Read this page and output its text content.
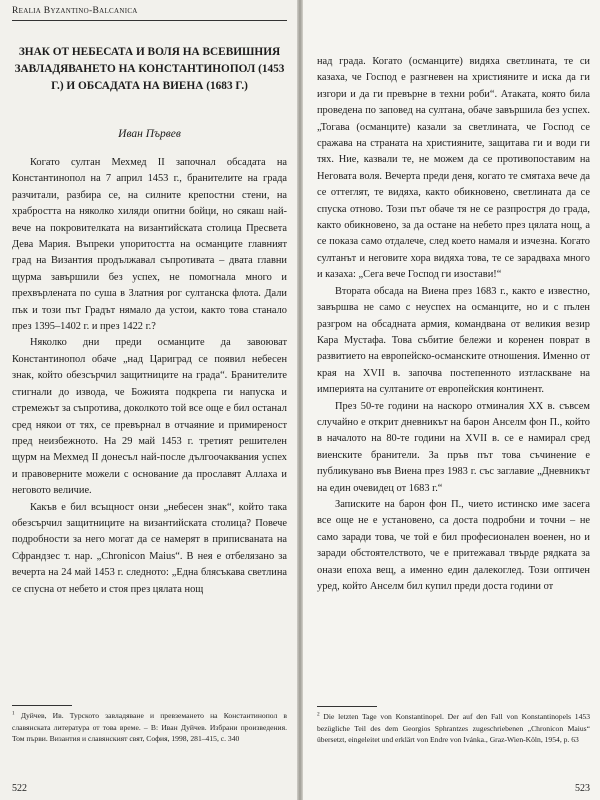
Realia Byzantino-Balcanica
ЗНАК ОТ НЕБЕСАТА И ВОЛЯ НА ВСЕВИШНИЯ ЗАВЛАДЯВАНЕТО НА КОНСТАНТИНОПОЛ (1453 Г.) И ОБСАДАТА НА ВИЕНА (1683 Г.)
Иван Първев

Когато султан Мехмед II започнал обсадата на Константинопол на 7 април 1453 г., бранителите на града разчитали, разбира се, на силните крепостни стени, на храбростта на няколко хиляди опитни бойци, но сякаш най-вече на покровителката на византийската столица Пресвета Дева Мария. Въпреки упоритостта на османците главният град на Византия продължавал съпротивата – двата главни щурма завършили без успех, не помогнала много и прехвърлената по суша в Златния рог султанска флота. Дали пък и този път Градът нямало да устои, както това станало през 1395–1402 г. и през 1422 г.?

Няколко дни преди османците да завоюват Константинопол обаче „над Цариград се появил небесен знак, който обезсърчил защитниците на града“. Бранителите стигнали до извода, че Божията подкрепа ги напуска и стремежът за съпротива, доколкото той все още е бил останал сред някои от тях, се превърнал в отчаяние и примиреност пред неизбежното. На 29 май 1453 г. третият решителен щурм на Мехмед II донесъл най-после дългоочаквания успех и правоверните можели с основание да прославят Аллаха и неговото величие.

Какъв е бил всъщност онзи „небесен знак“, който така обезсърчил защитниците на византийската столица? Повече подробности за него могат да се намерят в приписваната на Сфрандзес т. нар. „Chronicon Maius“. В нея е отбелязано за вечерта на 24 май 1453 г. следното: „Една блясъкава светлина се спусна от небето и стоя през цялата нощ

$^1$ Дуйчев, Ив. Турското завладяване и превземането на Константинопол в славянската литература от това време. – В: Иван Дуйчев. Избрани произведения. Том първи. Византия и славянският свят, София, 1998, 281–415, с. 340
522

над града. Когато (османците) видяха светлината, те си казаха, че Господ е разгневен на християните и иска да ги изгори и да ги превърне в техни роби“. Атаката, която била проведена по заповед на султана, обаче завършила без успех. „Тогава (османците) казали за светлината, че Господ се сражава на страната на християните, защитава ги и води ги тях. Ние, казвали те, не можем да се противопоставим на Неговата воля. Вечерта преди деня, когато те смятаха вече да се оттеглят, те видяха, както обикновено, светлината да се спуска отново. Този път обаче тя не се разпростря до града, както обикновено, за да остане на небето през цялата нощ, а се показа само отдалече, след което намаля и изчезна. Когато султанът и неговите хора видяха това, те се зарадваха много и казаха: „Сега вече Господ ги изостави!“

Втората обсада на Виена през 1683 г., както е известно, завършва не само с неуспех на османците, но и с пълен разгром на обсадната армия, командвана от великия везир Кара Мустафа. Това събитие бележи и коренен поврат в развитието на европейско-османските отношения. Именно от края на XVII в. започва постепенното изтласкване на империята на султаните от европейския континент.

През 50-те години на наскоро отминалия XX в. съвсем случайно е открит дневникът на барон Анселм фон П., който в началото на 80-те години на XVII в. се е намирал сред виенските бранители. За пръв път това съчинение е публикувано във Виена през 1983 г. със заглавие „Дневникът на един очевидец от 1683 г.“

Записките на барон фон П., чието истинско име засега все още не е установено, са доста подробни и точни – не само заради това, че той е бил професионален военен, но и заради обстоятелството, че е притежавал твърде рядката за онази епоха вещ, а именно един далекоглед. Този оптичен уред, който Анселм бил купил преди доста години от

$^2$ Die letzten Tage von Konstantinopel. Der auf den Fall von Konstantinopels 1453 bezügliche Teil des dem Georgios Sphrantzes zugeschriebenen „Chronicon Maius“ übersetzt, eingeleitet und erklärt von Endre von Ivánka., Graz-Wien-Köln, 1954, p. 63
523
